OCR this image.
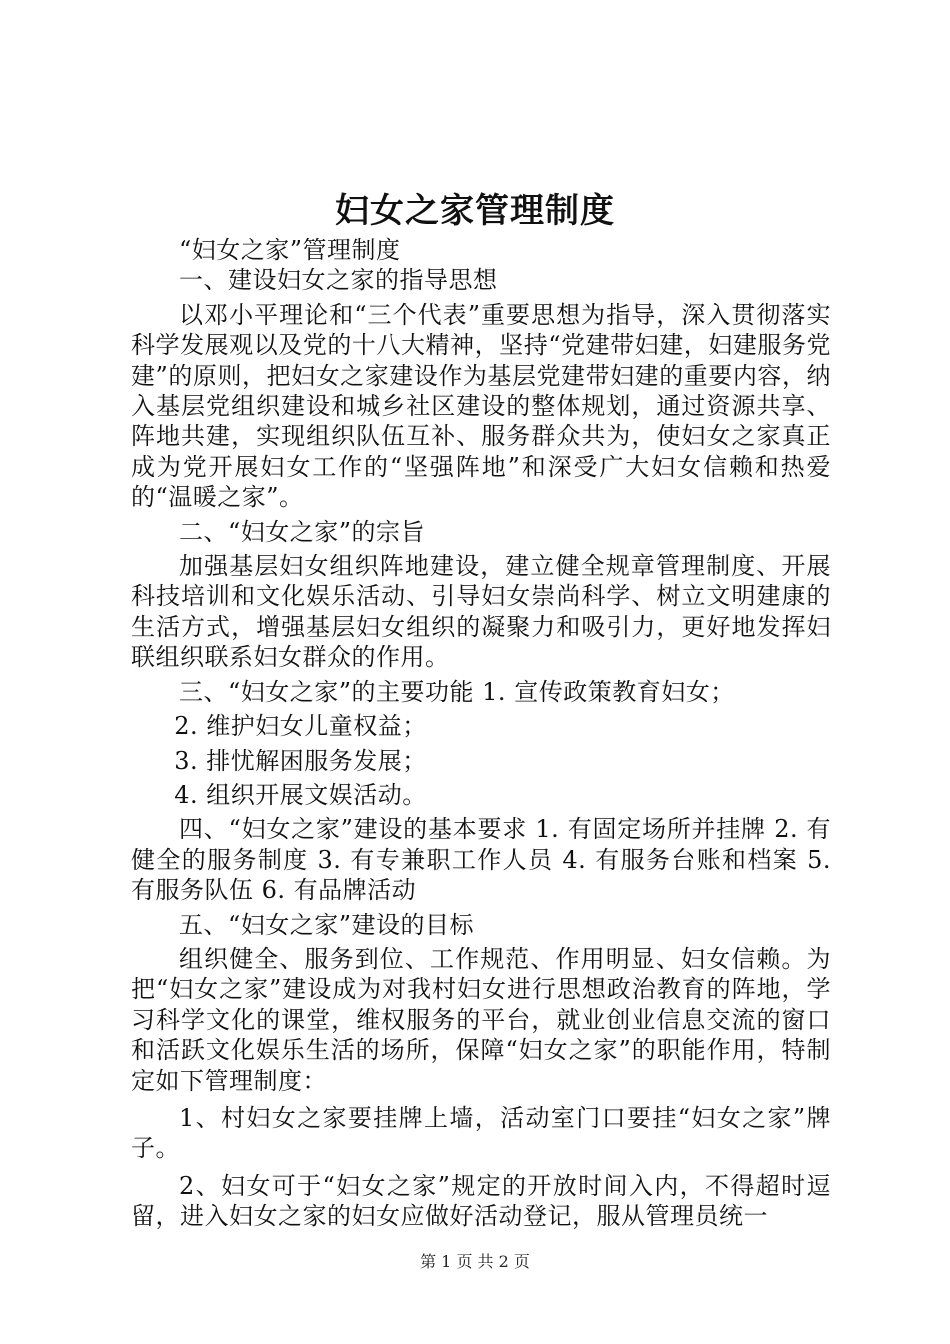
妇女之家管理制度

“妇女之家”管理制度

一、建设妇女之家的指导思想

以邓小平理论和“三个代表”重要思想为指导，深入贯彻落实科学发展观以及党的十八大精神，坚持“党建带妇建，妇建服务党建”的原则，把妇女之家建设作为基层党建带妇建的重要内容，纳入基层党组织建设和城乡社区建设的整体规划，通过资源共享、阵地共建，实现组织队伍互补、服务群众共为，使妇女之家真正成为党开展妇女工作的“坚强阵地”和深受广大妇女信赖和热爱的“温暖之家”。

二、“妇女之家”的宗旨

加强基层妇女组织阵地建设，建立健全规章管理制度、开展科技培训和文化娱乐活动、引导妇女崇尚科学、树立文明建康的生活方式，增强基层妇女组织的凝聚力和吸引力，更好地发挥妇联组织联系妇女群众的作用。

三、“妇女之家”的主要功能 1. 宣传政策教育妇女；

2. 维护妇女儿童权益；

3. 排忧解困服务发展；

4. 组织开展文娱活动。

四、“妇女之家”建设的基本要求 1. 有固定场所并挂牌 2. 有健全的服务制度 3. 有专兼职工作人员 4. 有服务台账和档案 5. 有服务队伍 6. 有品牌活动

五、“妇女之家”建设的目标

组织健全、服务到位、工作规范、作用明显、妇女信赖。为把“妇女之家”建设成为对我村妇女进行思想政治教育的阵地，学习科学文化的课堂，维权服务的平台，就业创业信息交流的窗口和活跃文化娱乐生活的场所，保障“妇女之家”的职能作用，特制定如下管理制度：

1、村妇女之家要挂牌上墙，活动室门口要挂“妇女之家”牌子。

2、妇女可于“妇女之家”规定的开放时间入内，不得超时逗留，进入妇女之家的妇女应做好活动登记，服从管理员统一

第 1 页 共 2 页
